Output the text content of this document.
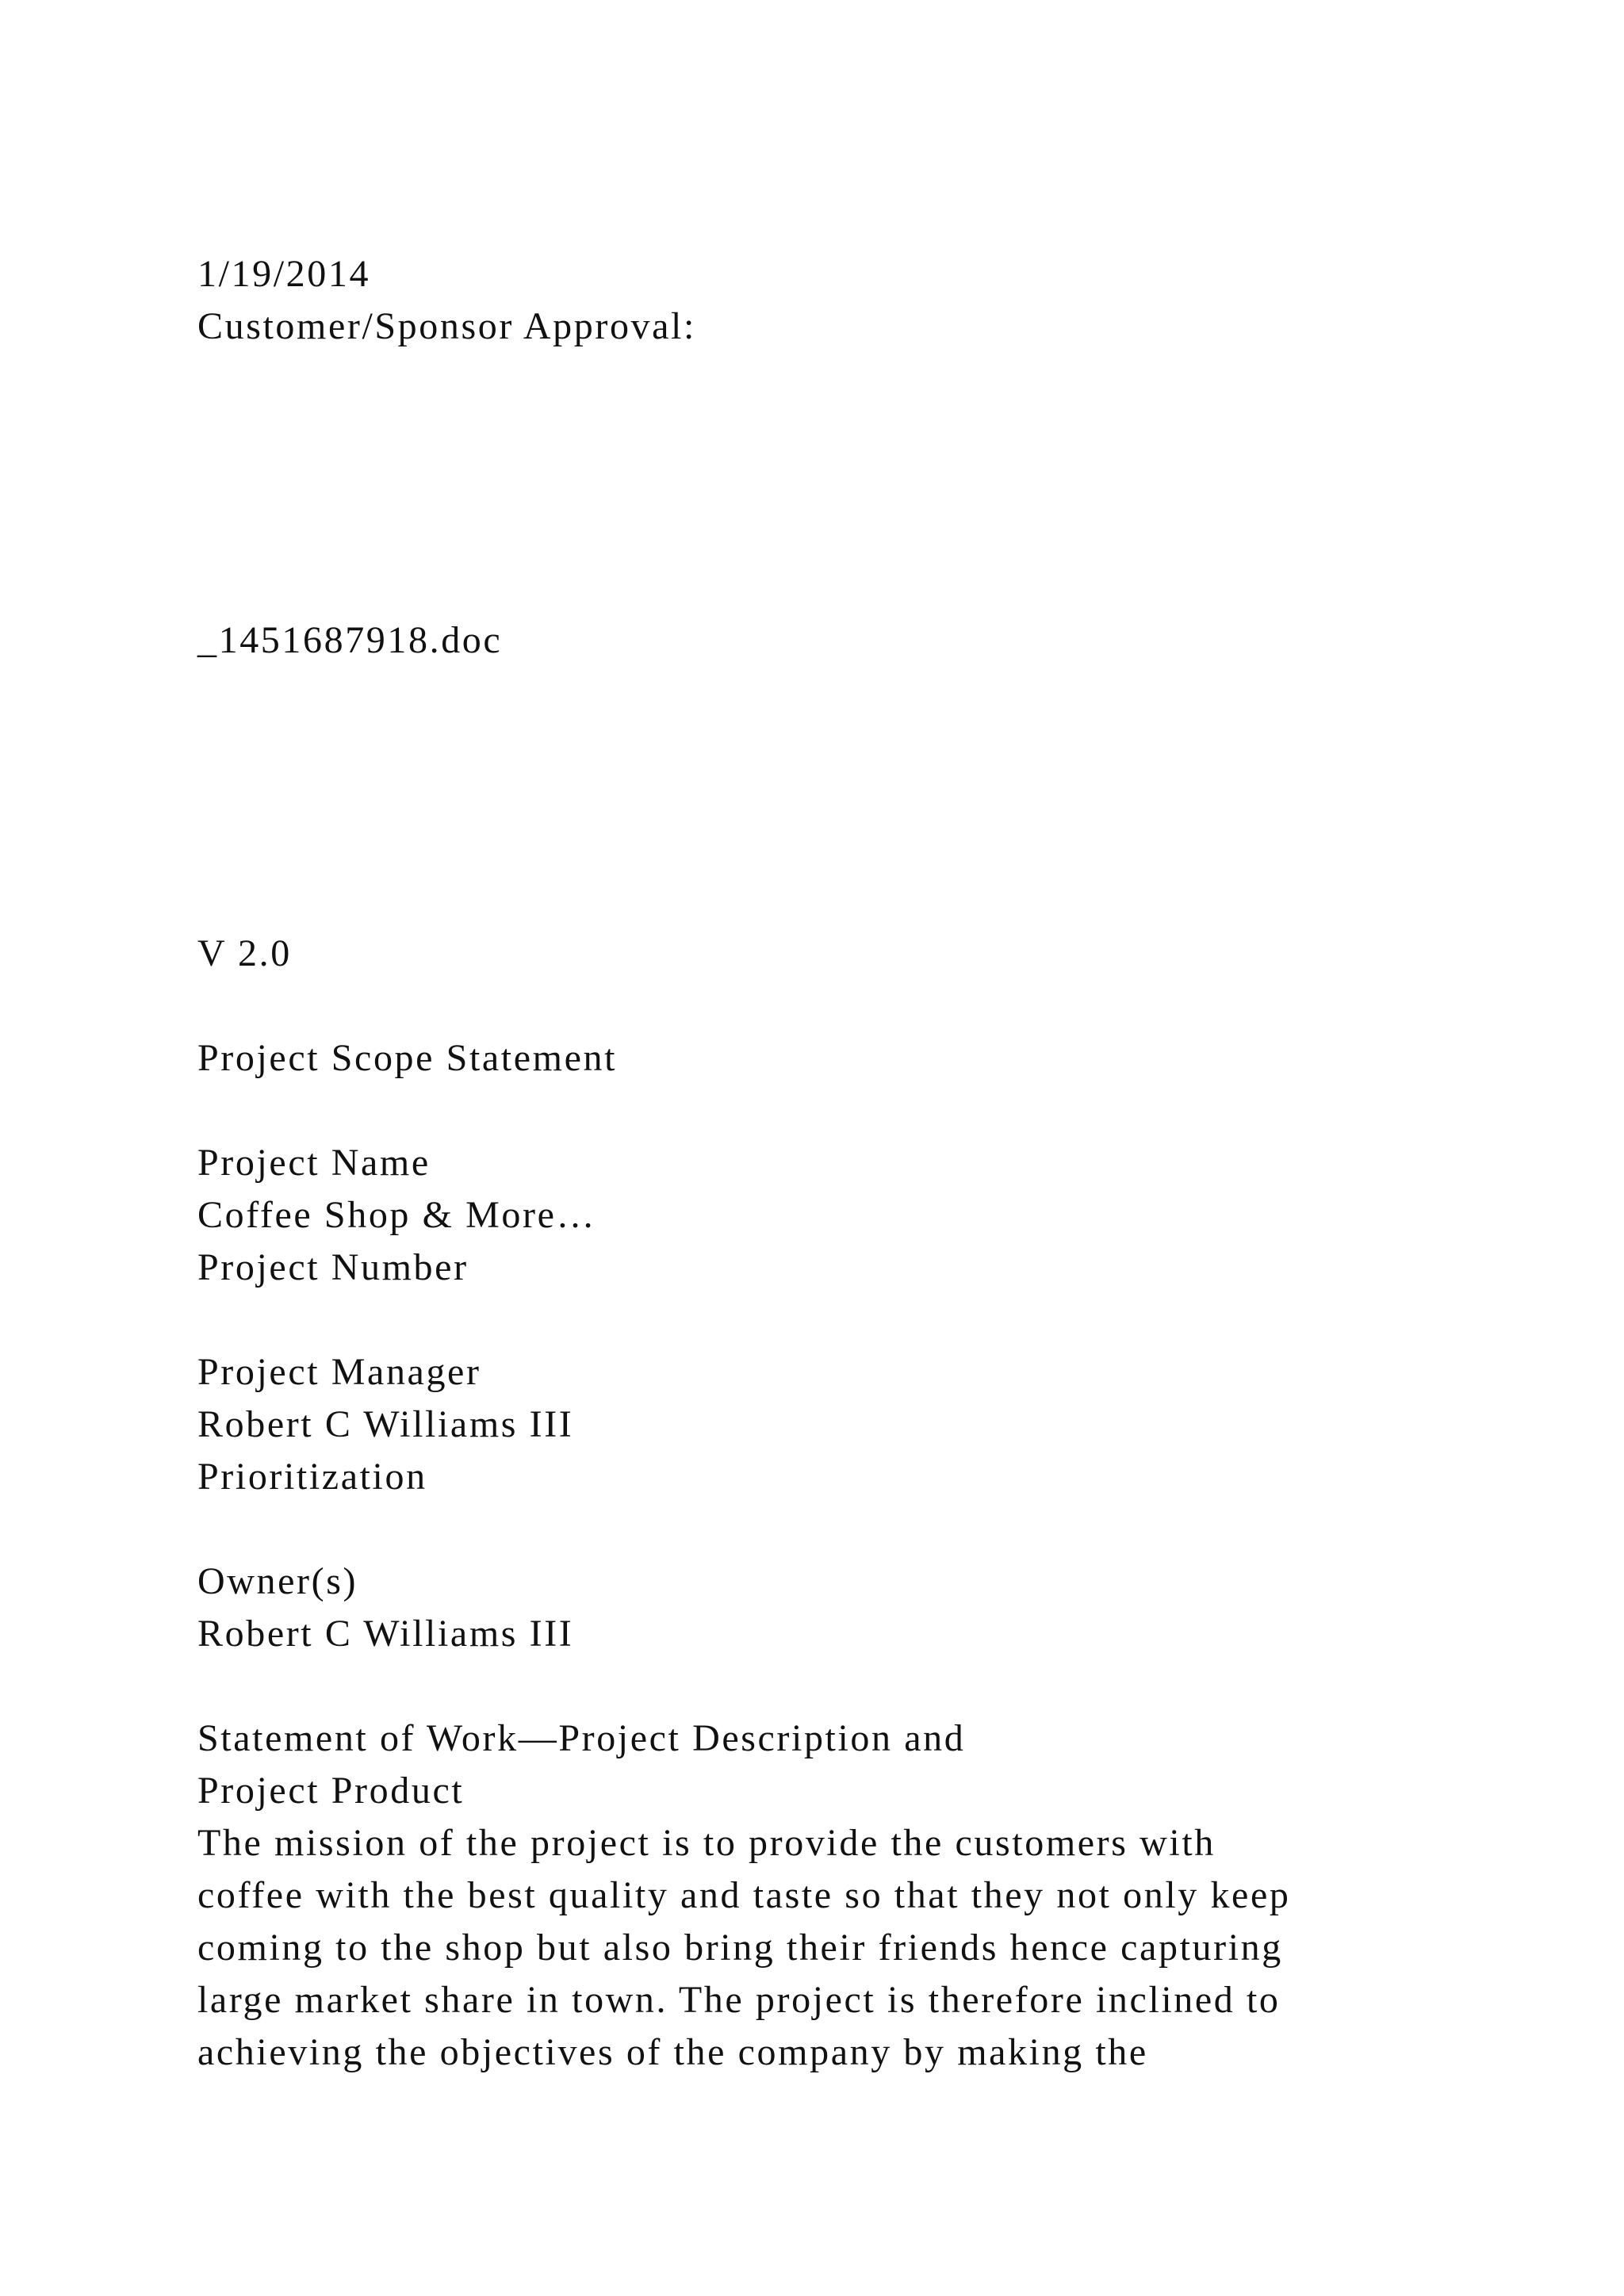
1/19/2014

Customer/Sponsor Approval:

_1451687918.doc

V 2.0

Project Scope Statement

Project Name

Coffee Shop & More…

Project Number

Project Manager

Robert C Williams III

Prioritization

Owner(s)

Robert C Williams III

Statement of Work—Project Description and

Project Product

The mission of the project is to provide the customers with

coffee with the best quality and taste so that they not only keep

coming to the shop but also bring their friends hence capturing

large market share in town. The project is therefore inclined to

achieving the objectives of the company by making the
